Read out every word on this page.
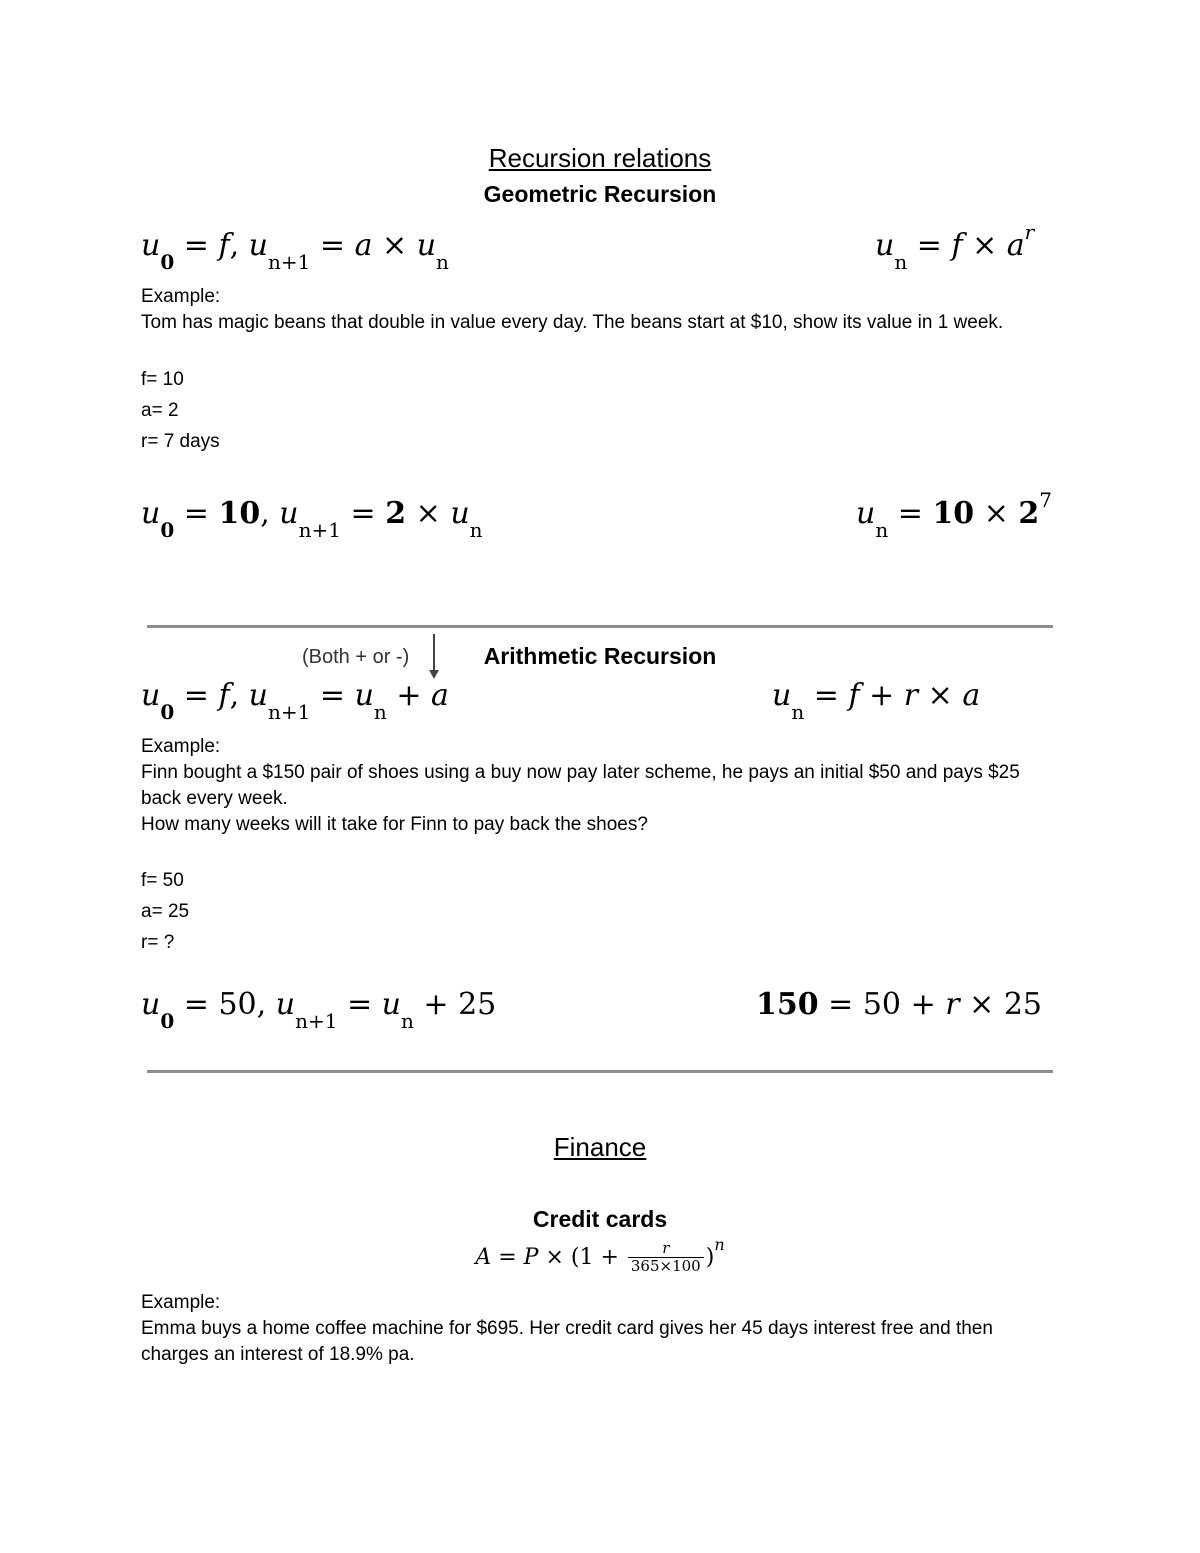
Recursion relations
Geometric Recursion
$u_0 = f$, $u_{n+1} = a \times u_n$	$u_n = f \times a^r$
Example:
Tom has magic beans that double in value every day. The beans start at $10, show its value in 1 week.
f= 10
a= 2
r= 7 days
$u_0 = 10$, $u_{n+1} = 2 \times u_n$	$u_n = 10 \times 2^7$
(Both + or -)	Arithmetic Recursion
$u_0 = f$, $u_{n+1} = u_n + a$	$u_n = f + r \times a$
Example:
Finn bought a $150 pair of shoes using a buy now pay later scheme, he pays an initial $50 and pays $25 back every week.
How many weeks will it take for Finn to pay back the shoes?
f= 50
a= 25
r= ?
$u_0 = 50$, $u_{n+1} = u_n + 25$	150 = 50 + r × 25
Finance
Credit cards
$A = P \times (1 + \frac{r}{365\times 100} )^n$
Example:
Emma buys a home coffee machine for $695. Her credit card gives her 45 days interest free and then charges an interest of 18.9% pa.
